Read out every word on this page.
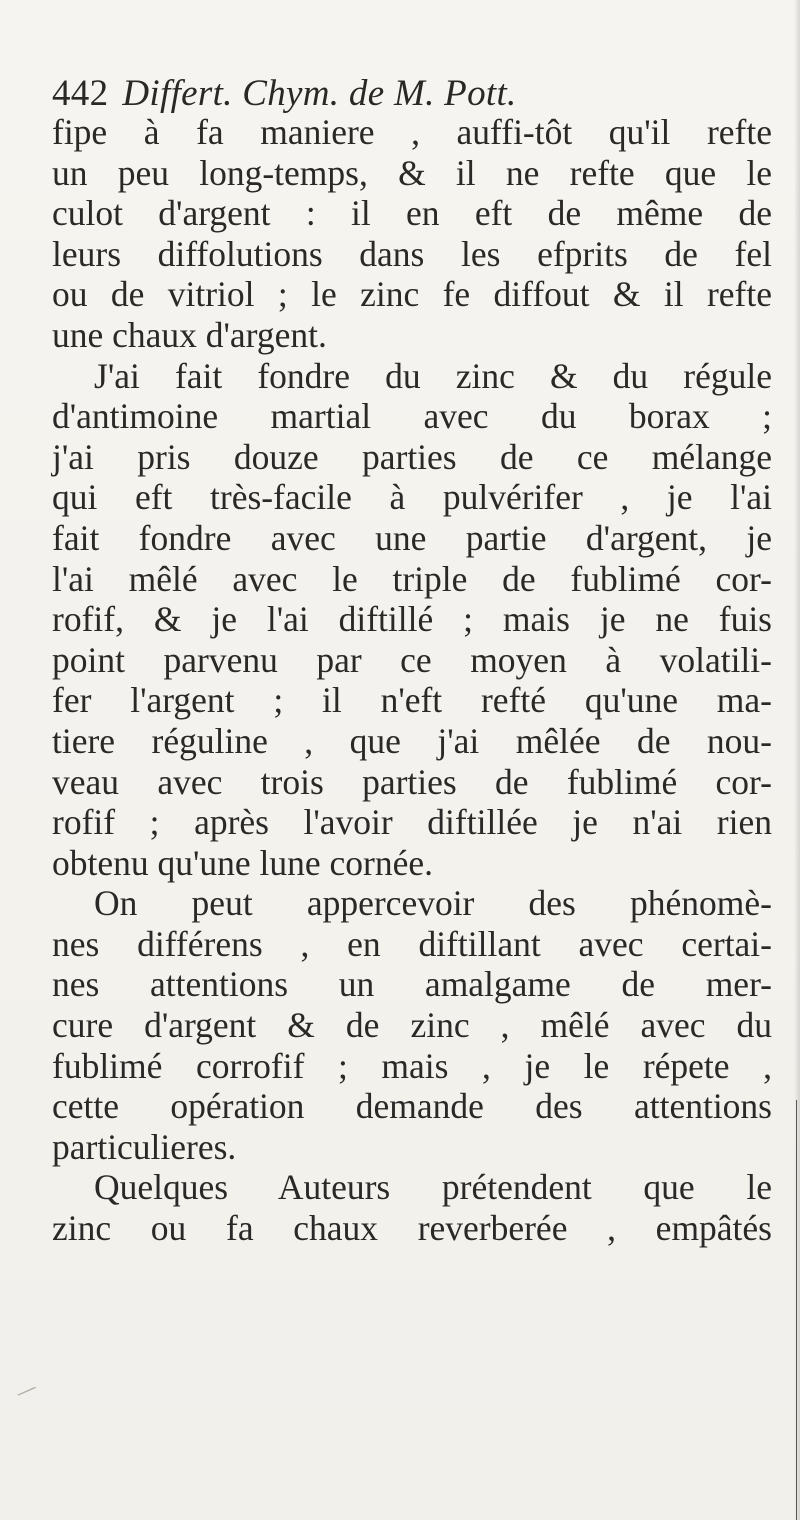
442 Differt. Chym. de M. Pott.
fipe à fa maniere , auffi-tôt qu'il refte
un peu long-temps, & il ne refte que le
culot d'argent : il en eft de même de
leurs diffolutions dans les efprits de fel
ou de vitriol ; le zinc fe diffout & il refte
une chaux d'argent.
J'ai fait fondre du zinc & du régule
d'antimoine martial avec du borax ;
j'ai pris douze parties de ce mélange
qui eft très-facile à pulvérifer , je l'ai
fait fondre avec une partie d'argent, je
l'ai mêlé avec le triple de fublimé cor-
rofif, & je l'ai diftillé ; mais je ne fuis
point parvenu par ce moyen à volatili-
fer l'argent ; il n'eft refté qu'une ma-
tiere réguline , que j'ai mêlée de nou-
veau avec trois parties de fublimé cor-
rofif ; après l'avoir diftillée je n'ai rien
obtenu qu'une lune cornée.
On peut appercevoir des phénomè-
nes différens , en diftillant avec certai-
nes attentions un amalgame de mer-
cure d'argent & de zinc , mêlé avec du
fublimé corrofif ; mais , je le répete ,
cette opération demande des attentions
particulieres.
Quelques Auteurs prétendent que le
zinc ou fa chaux reverberée , empâtés
⁄
